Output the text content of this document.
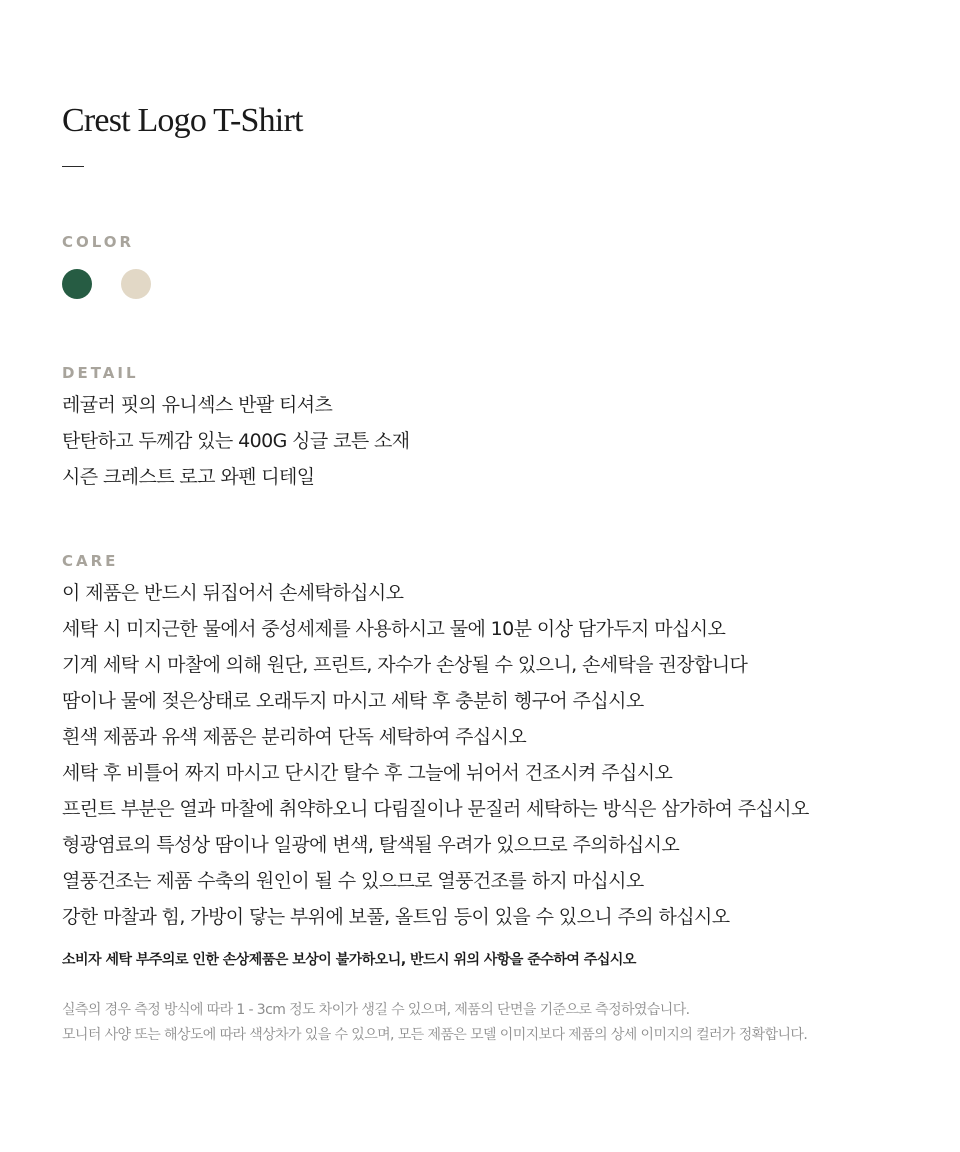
Crest Logo T-Shirt
COLOR
DETAIL
레귤러 핏의 유니섹스 반팔 티셔츠
탄탄하고 두께감 있는 400G 싱글 코튼 소재
시즌 크레스트 로고 와펜 디테일
CARE
이 제품은 반드시 뒤집어서 손세탁하십시오
세탁 시 미지근한 물에서 중성세제를 사용하시고 물에 10분 이상 담가두지 마십시오
기계 세탁 시 마찰에 의해 원단, 프린트, 자수가 손상될 수 있으니, 손세탁을 권장합니다
땀이나 물에 젖은상태로 오래두지 마시고 세탁 후 충분히 헹구어 주십시오
흰색 제품과 유색 제품은 분리하여 단독 세탁하여 주십시오
세탁 후 비틀어 짜지 마시고 단시간 탈수 후 그늘에 뉘어서 건조시켜 주십시오
프린트 부분은 열과 마찰에 취약하오니 다림질이나 문질러 세탁하는 방식은 삼가하여 주십시오
형광염료의 특성상 땀이나 일광에 변색, 탈색될 우려가 있으므로 주의하십시오
열풍건조는 제품 수축의 원인이 될 수 있으므로 열풍건조를 하지 마십시오
강한 마찰과 힘, 가방이 닿는 부위에 보풀, 올트임 등이 있을 수 있으니 주의 하십시오
소비자 세탁 부주의로 인한 손상제품은 보상이 불가하오니, 반드시 위의 사항을 준수하여 주십시오
실측의 경우 측정 방식에 따라 1 - 3cm 정도 차이가 생길 수 있으며, 제품의 단면을 기준으로 측정하였습니다.
모니터 사양 또는 해상도에 따라 색상차가 있을 수 있으며, 모든 제품은 모델 이미지보다 제품의 상세 이미지의 컬러가 정확합니다.
